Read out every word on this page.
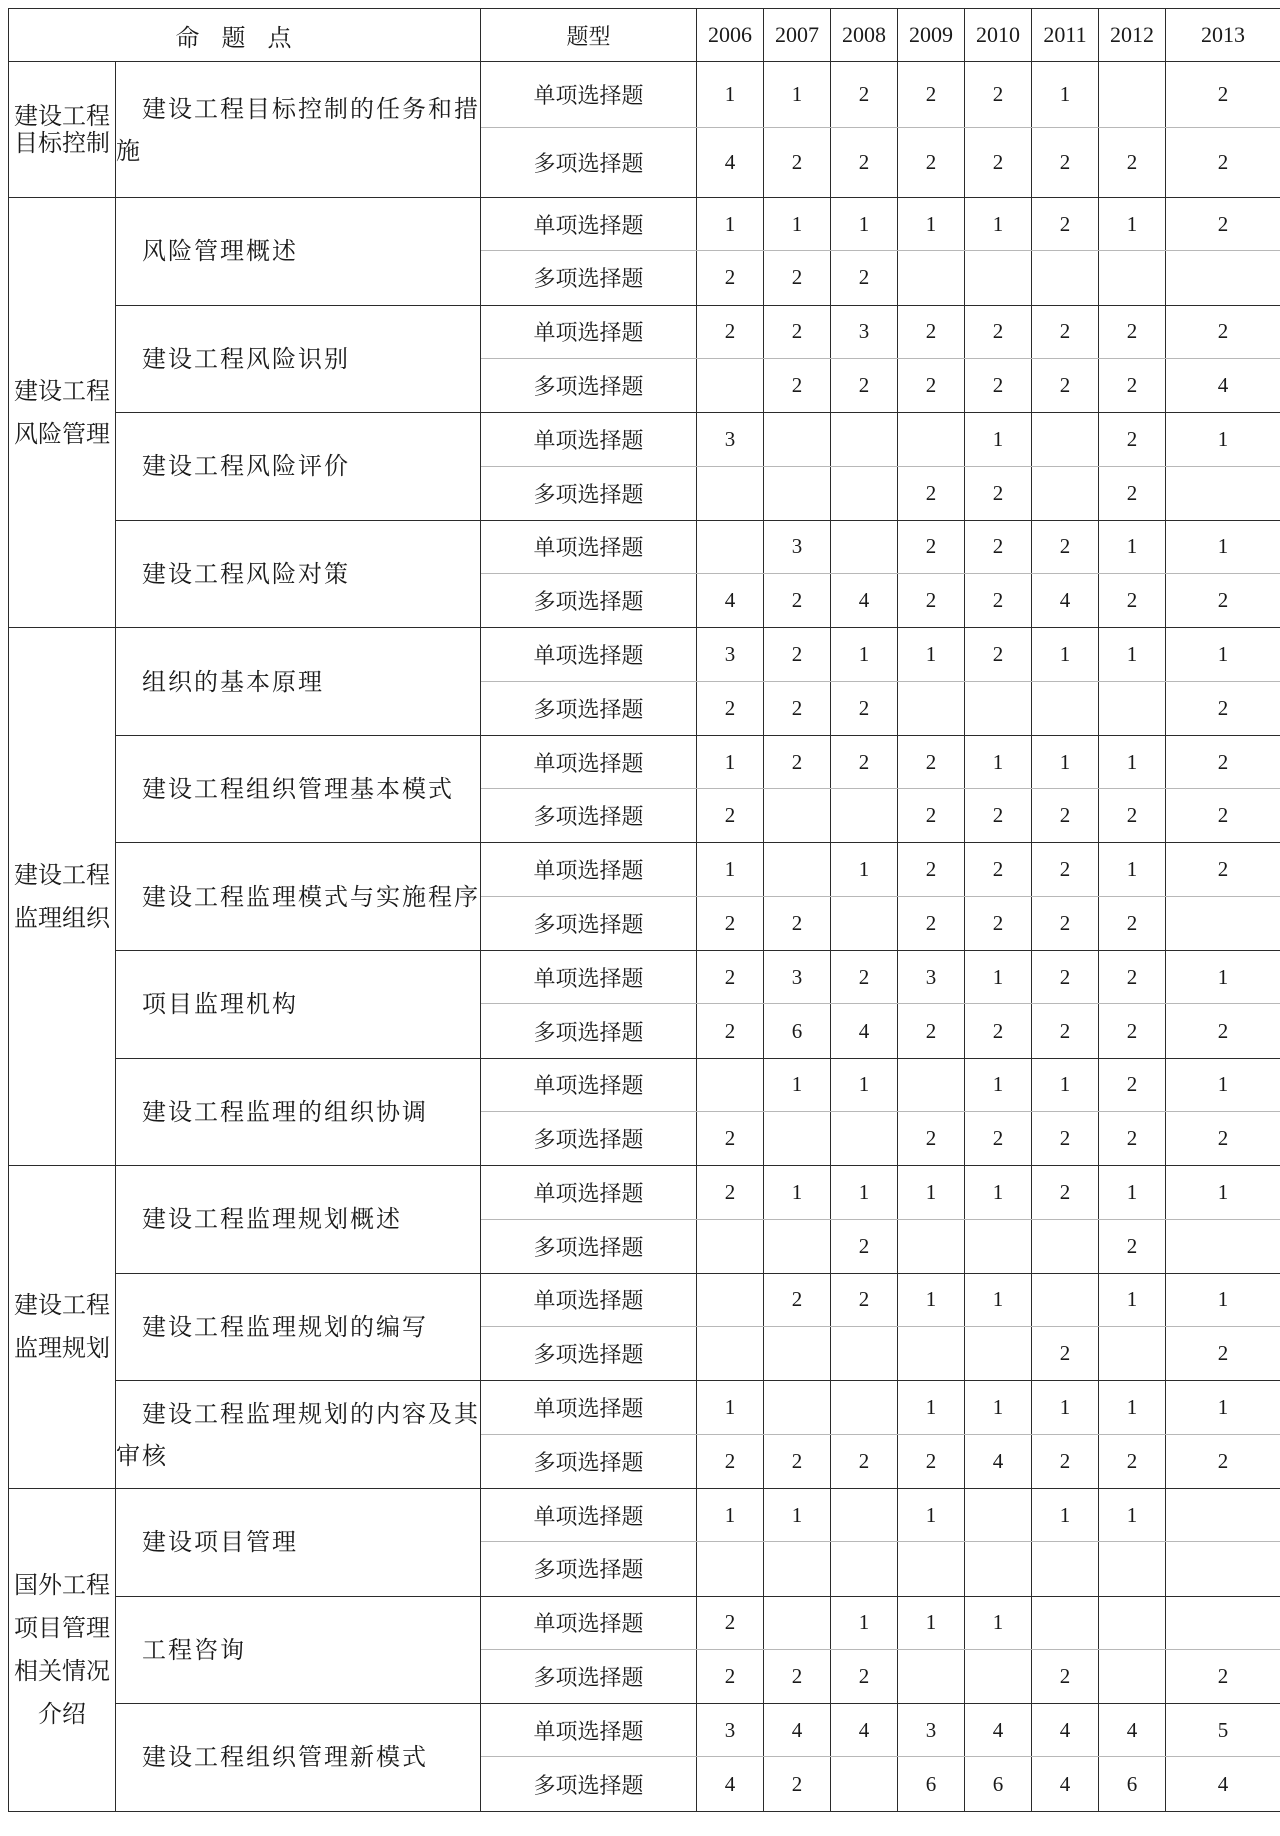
命题点		题型	2006	2007	2008	2009	2010	2011	2012	2013
建设工程目标控制	建设工程目标控制的任务和措施	单项选择题	1	1	2	2	2	1		2
		多项选择题	4	2	2	2	2	2	2	2
建设工程风险管理	风险管理概述	单项选择题	1	1	1	1	1	2	1	2
		多项选择题	2	2	2					

	建设工程风险识别	单项选择题	2	2	3	2	2	2	2	2
		多项选择题		2	2	2	2	2	2	4

	建设工程风险评价	单项选择题	3				1		2	1
		多项选择题				2	2		2	

	建设工程风险对策	单项选择题		3		2	2	2	1	1
		多项选择题	4	2	4	2	2	4	2	2
建设工程监理组织	组织的基本原理	单项选择题	3	2	1	1	2	1	1	1
		多项选择题	2	2	2					2

	建设工程组织管理基本模式	单项选择题	1	2	2	2	1	1	1	2
		多项选择题	2			2	2	2	2	2

	建设工程监理模式与实施程序	单项选择题	1		1	2	2	2	1	2
		多项选择题	2	2		2	2	2	2	

	项目监理机构	单项选择题	2	3	2	3	1	2	2	1
		多项选择题	2	6	4	2	2	2	2	2

	建设工程监理的组织协调	单项选择题		1	1		1	1	2	1
		多项选择题	2			2	2	2	2	2
建设工程监理规划	建设工程监理规划概述	单项选择题	2	1	1	1	1	2	1	1
		多项选择题			2				2	

	建设工程监理规划的编写	单项选择题		2	2	1	1		1	1
		多项选择题						2		2

	建设工程监理规划的内容及其审核	单项选择题	1			1	1	1	1	1
		多项选择题	2	2	2	2	4	2	2	2
国外工程项目管理相关情况介绍	建设项目管理	单项选择题	1	1		1		1	1	
		多项选择题								

	工程咨询	单项选择题	2		1	1	1			
		多项选择题	2	2	2			2		2

	建设工程组织管理新模式	单项选择题	3	4	4	3	4	4	4	5
		多项选择题	4	2		6	6	4	6	4
